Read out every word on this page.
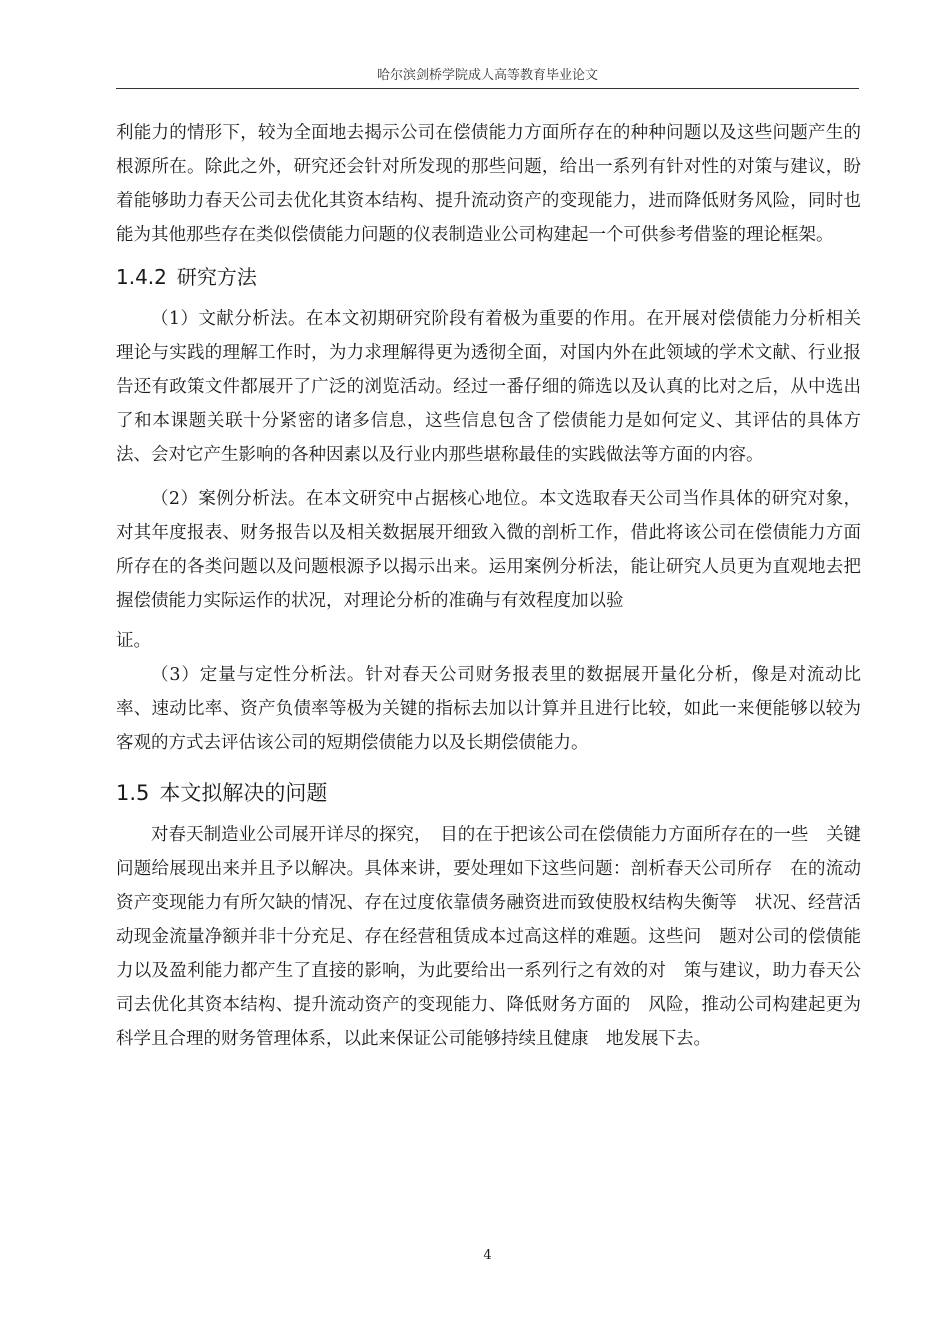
哈尔滨剑桥学院成人高等教育毕业论文

利能力的情形下，较为全面地去揭示公司在偿债能力方面所存在的种种问题以及这些问题产生的根源所在。除此之外，研究还会针对所发现的那些问题，给出一系列有针对性的对策与建议，盼着能够助力春天公司去优化其资本结构、提升流动资产的变现能力，进而降低财务风险，同时也能为其他那些存在类似偿债能力问题的仪表制造业公司构建起一个可供参考借鉴的理论框架。

1.4.2 研究方法

（1）文献分析法。在本文初期研究阶段有着极为重要的作用。在开展对偿债能力分析相关理论与实践的理解工作时，为力求理解得更为透彻全面，对国内外在此领域的学术文献、行业报告还有政策文件都展开了广泛的浏览活动。经过一番仔细的筛选以及认真的比对之后，从中选出了和本课题关联十分紧密的诸多信息，这些信息包含了偿债能力是如何定义、其评估的具体方法、会对它产生影响的各种因素以及行业内那些堪称最佳的实践做法等方面的内容。

（2）案例分析法。在本文研究中占据核心地位。本文选取春天公司当作具体的研究对象，对其年度报表、财务报告以及相关数据展开细致入微的剖析工作，借此将该公司在偿债能力方面所存在的各类问题以及问题根源予以揭示出来。运用案例分析法，能让研究人员更为直观地去把握偿债能力实际运作的状况，对理论分析的准确与有效程度加以验

证。

（3）定量与定性分析法。针对春天公司财务报表里的数据展开量化分析，像是对流动比率、速动比率、资产负债率等极为关键的指标去加以计算并且进行比较，如此一来便能够以较为客观的方式去评估该公司的短期偿债能力以及长期偿债能力。

1.5 本文拟解决的问题

对春天制造业公司展开详尽的探究，　目的在于把该公司在偿债能力方面所存在的一些　关键问题给展现出来并且予以解决。具体来讲，要处理如下这些问题：剖析春天公司所存　在的流动资产变现能力有所欠缺的情况、存在过度依靠债务融资进而致使股权结构失衡等　状况、经营活动现金流量净额并非十分充足、存在经营租赁成本过高这样的难题。这些问　题对公司的偿债能力以及盈利能力都产生了直接的影响，为此要给出一系列行之有效的对　策与建议，助力春天公司去优化其资本结构、提升流动资产的变现能力、降低财务方面的　风险，推动公司构建起更为科学且合理的财务管理体系，以此来保证公司能够持续且健康　地发展下去。

4
